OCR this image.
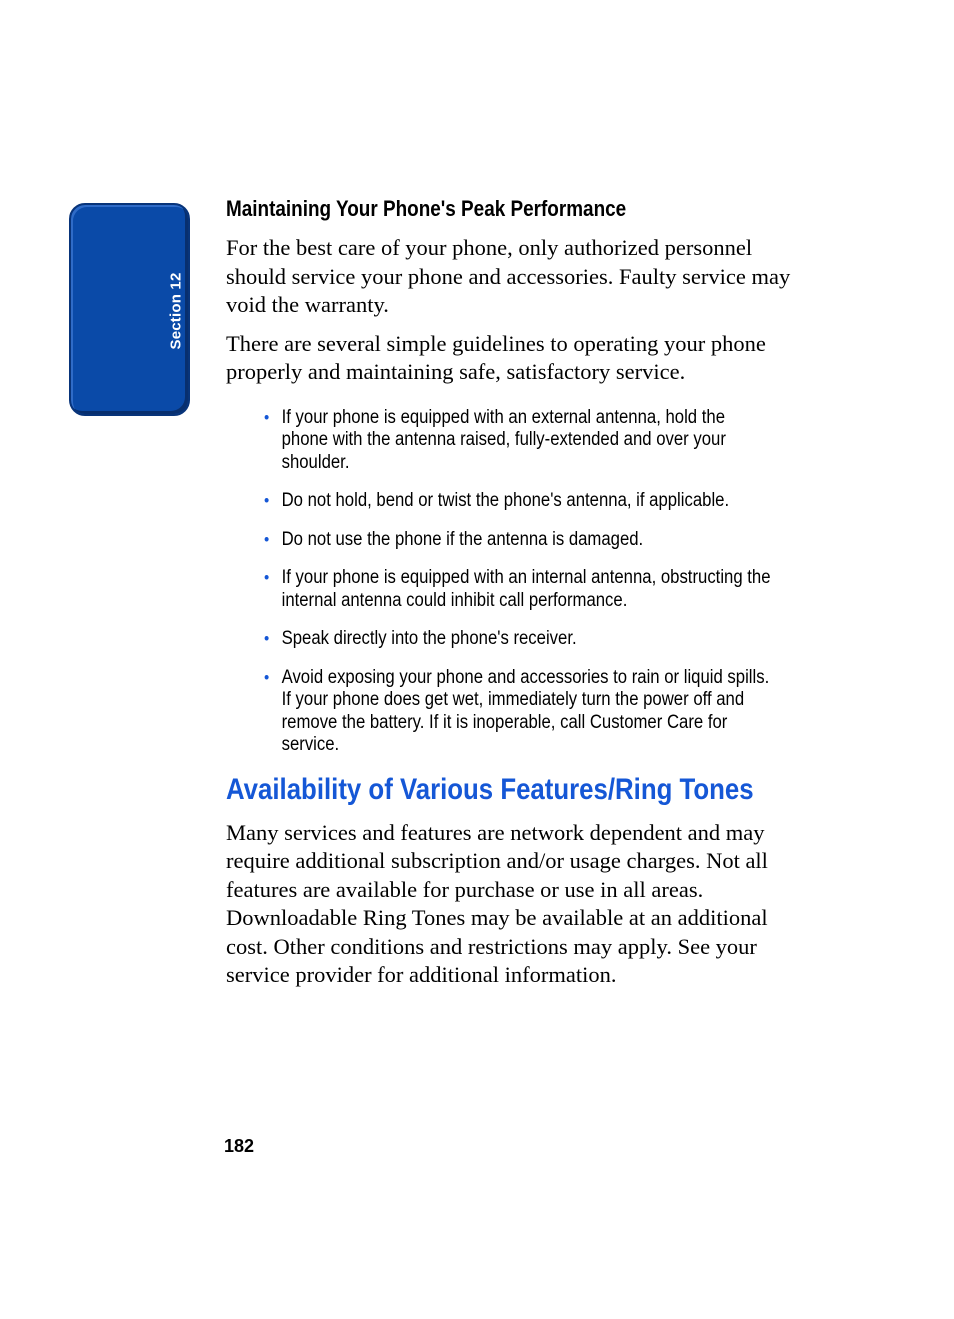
Section 12
Maintaining Your Phone's Peak Performance

For the best care of your phone, only authorized personnel should service your phone and accessories. Faulty service may void the warranty.

There are several simple guidelines to operating your phone properly and maintaining safe, satisfactory service.

• If your phone is equipped with an external antenna, hold the phone with the antenna raised, fully-extended and over your shoulder.
• Do not hold, bend or twist the phone's antenna, if applicable.
• Do not use the phone if the antenna is damaged.
• If your phone is equipped with an internal antenna, obstructing the internal antenna could inhibit call performance.
• Speak directly into the phone's receiver.
• Avoid exposing your phone and accessories to rain or liquid spills. If your phone does get wet, immediately turn the power off and remove the battery. If it is inoperable, call Customer Care for service.
Availability of Various Features/Ring Tones

Many services and features are network dependent and may require additional subscription and/or usage charges. Not all features are available for purchase or use in all areas. Downloadable Ring Tones may be available at an additional cost. Other conditions and restrictions may apply. See your service provider for additional information.

182
